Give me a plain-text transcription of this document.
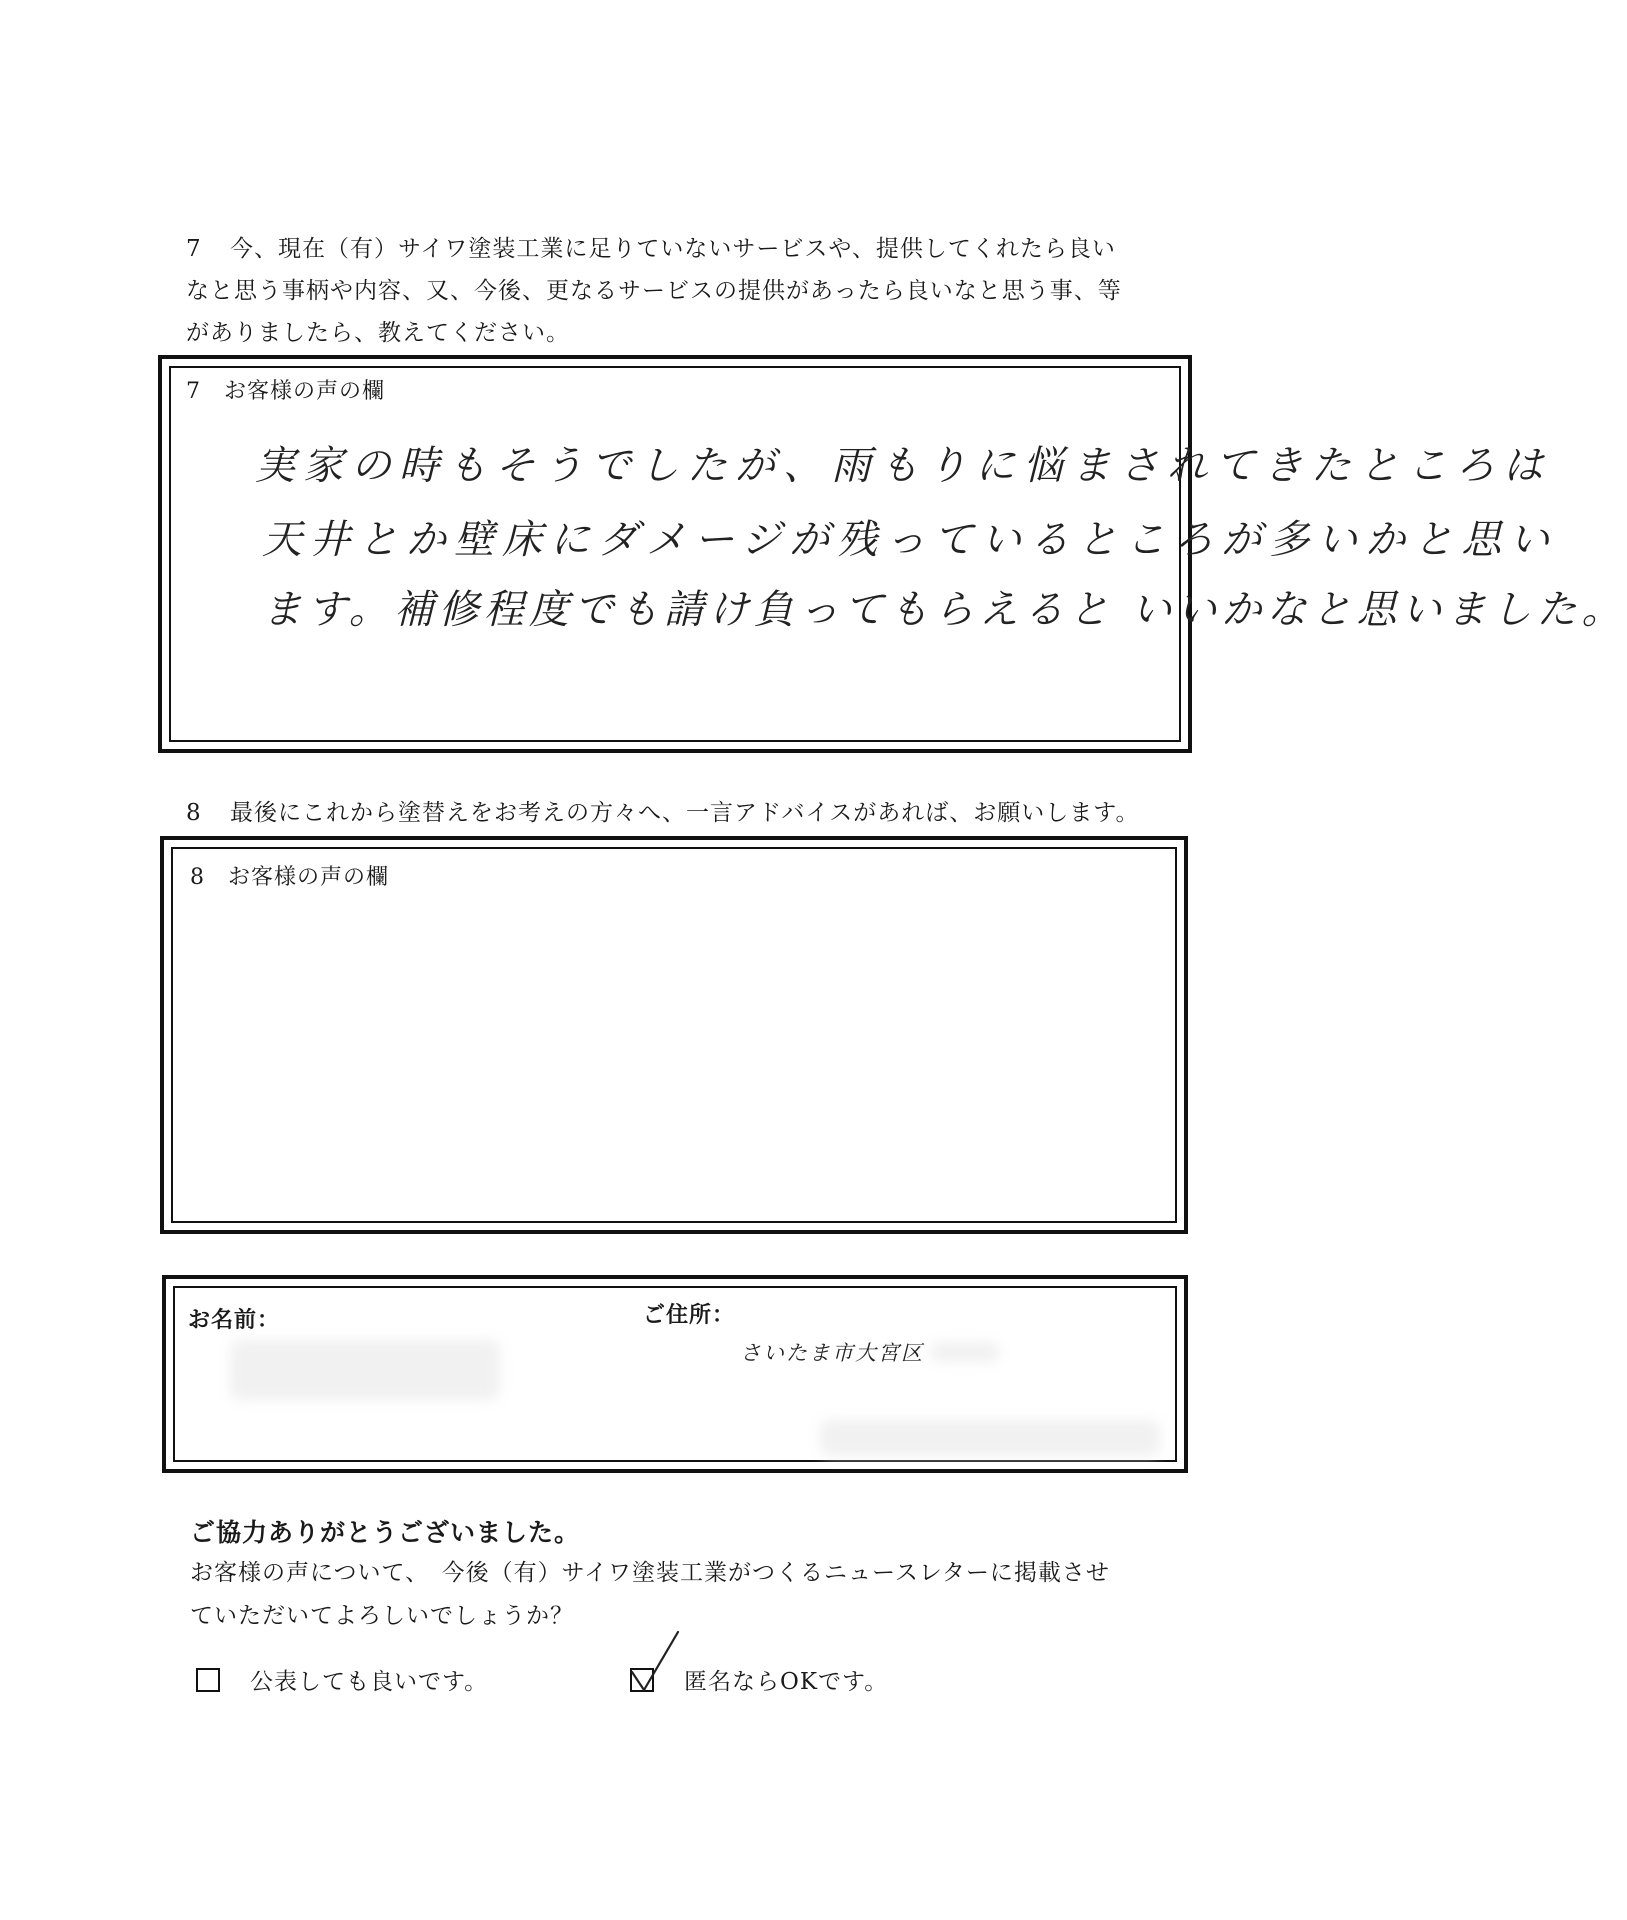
7 今、現在（有）サイワ塗装工業に足りていないサービスや、提供してくれたら良い
なと思う事柄や内容、又、今後、更なるサービスの提供があったら良いなと思う事、等
がありましたら、教えてください。
7　お客様の声の欄
実家の時もそうでしたが、雨もりに悩まされてきたところは
天井とか壁床にダメージが残っているところが多いかと思い
ます。補修程度でも請け負ってもらえると いいかなと思いました。
8 最後にこれから塗替えをお考えの方々へ、一言アドバイスがあれば、お願いします。
8　お客様の声の欄
お名前：	ご住所：
さいたま市大宮区
ご協力ありがとうございました。
お客様の声について、　今後（有）サイワ塗装工業がつくるニュースレターに掲載させ
ていただいてよろしいでしょうか？
公表しても良いです。	匿名ならOKです。
